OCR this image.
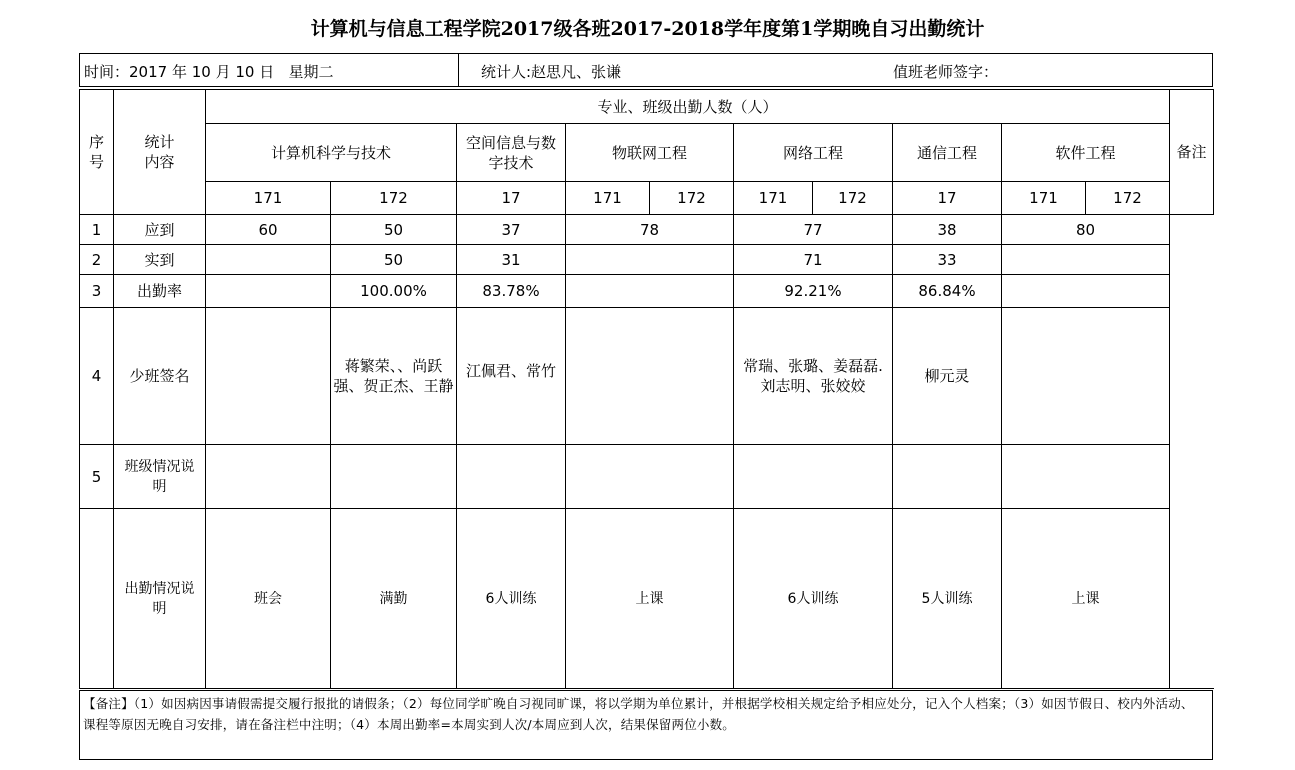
计算机与信息工程学院2017级各班2017-2018学年度第1学期晚自习出勤统计
时间：2017 年 10 月 10 日   星期二	统计人:赵思凡、张谦	值班老师签字：
序号	统计内容	专业、班级出勤人数（人）										备注
		计算机科学与技术		空间信息与数字技术	物联网工程		网络工程		通信工程	软件工程		
		171	172	17	171	172	171	172	17	171	172	
1	应到	60	50	37	78		77		38	80		
2	实到		50	31			71		33			
3	出勤率		100.00%	83.78%			92.21%		86.84%			
4	少班签名		蒋繁荣、、尚跃强、贺正杰、王静	江佩君、常竹			常瑞、张璐、姜磊磊.刘志明、张姣姣		柳元灵			
5	班级情况说明											

	出勤情况说明	班会	满勤	6人训练	上课		6人训练		5人训练	上课		
【备注】（1）如因病因事请假需提交履行报批的请假条；（2）每位同学旷晚自习视同旷课，将以学期为单位累计，并根据学校相关规定给予相应处分，记入个人档案；（3）如因节假日、校内外活动、课程等原因无晚自习安排，请在备注栏中注明；（4）本周出勤率=本周实到人次/本周应到人次，结果保留两位小数。
